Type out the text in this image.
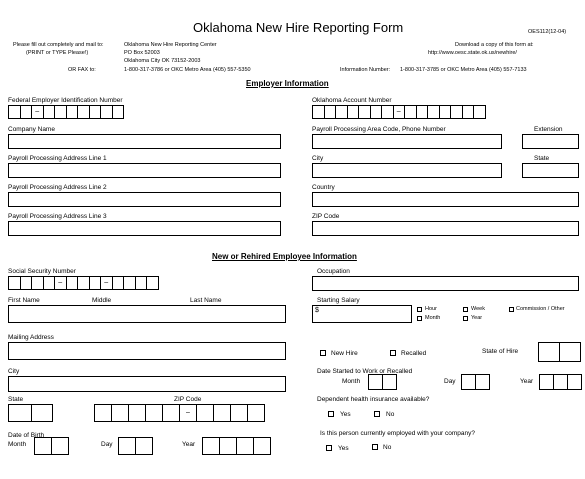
Oklahoma New Hire Reporting Form	OES112(12-04)
Please fill out completely and mail to:
(PRINT or TYPE Please!)
OR FAX to:
Oklahoma New Hire Reporting Center
PO Box 52003
Oklahoma City OK 73152-2003
1-800-317-3786 or OKC Metro Area (405) 557-5350
Download a copy of this form at:
http://www.oesc.state.ok.us/newhire/
Information Number: 1-800-317-3785 or OKC Metro Area (405) 557-7133
Employer Information
Federal Employer Identification Number
–
Oklahoma Account Number
–
Company Name	Payroll Processing Area Code, Phone Number	Extension
Payroll Processing Address Line 1	City	State
Payroll Processing Address Line 2	Country
Payroll Processing Address Line 3	ZIP Code
New or Rehired Employee Information
Social Security Number
–	–
Occupation
First Name	Middle	Last Name	Starting Salary
$	Hour	Week	Commission / Other
Month	Year
Mailing Address
New Hire	Recalled	State of Hire
City	Date Started to Work or Recalled
Month	Day	Year
State	ZIP Code
–
Dependent health insurance available?
Yes	No
Date of Birth
Month	Day	Year
Is this person currently employed with your company?
Yes	No
